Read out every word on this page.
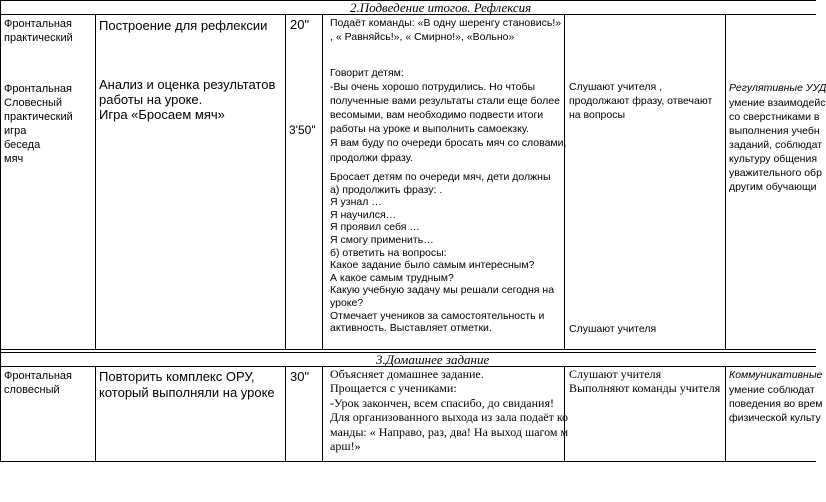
2.Подведение итогов. Рефлексия
Фронтальная
практический
Фронтальная
Словесный
практический
игра
беседа
мяч
Построение для рефлексии
Анализ и оценка результатов
работы на уроке.
Игра «Бросаем мяч»
20"
3'50"
Подаёт команды: «В одну шеренгу становись!»
, « Равняйсь!», « Смирно!», «Вольно»
Говорит детям:
-Вы очень хорошо потрудились. Но чтобы
полученные вами результаты стали еще более
весомыми, вам необходимо подвести итоги
работы на уроке и выполнить самоекзку.
Я вам буду по очереди бросать мяч со словами,
продолжи фразу.
Бросает детям по очереди мяч, дети должны
а) продолжить фразу: .
Я узнал …
Я научился…
Я проявил себя …
Я смогу применить…
б) ответить на вопросы:
Какое задание было самым интересным?
А какое самым трудным?
Какую учебную задачу мы решали сегодня на
уроке?
Отмечает учеников за самостоятельность и
активность. Выставляет отметки.
Слушают учителя ,
продолжают фразу, отвечают
на вопросы
Слушают учителя
Регулятивные УУД
умение взаимодейс
со сверстниками в
выполнения учебн
заданий, соблюдат
культуру общения
уважительного обр
другим обучающи
3.Домашнее задание
Фронтальная
словесный
Повторить комплекс ОРУ,
который выполняли на уроке
30" Объясняет домашнее задание.
Прощается с учениками:
-Урок закончен, всем спасибо, до свидания!
Для организованного выхода из зала подаёт ко
манды: « Направо, раз, два! На выход шагом м
арш!»
Слушают учителя
Выполняют команды учителя
Коммуникативные
умение соблюдат
поведения во врем
физической культу
